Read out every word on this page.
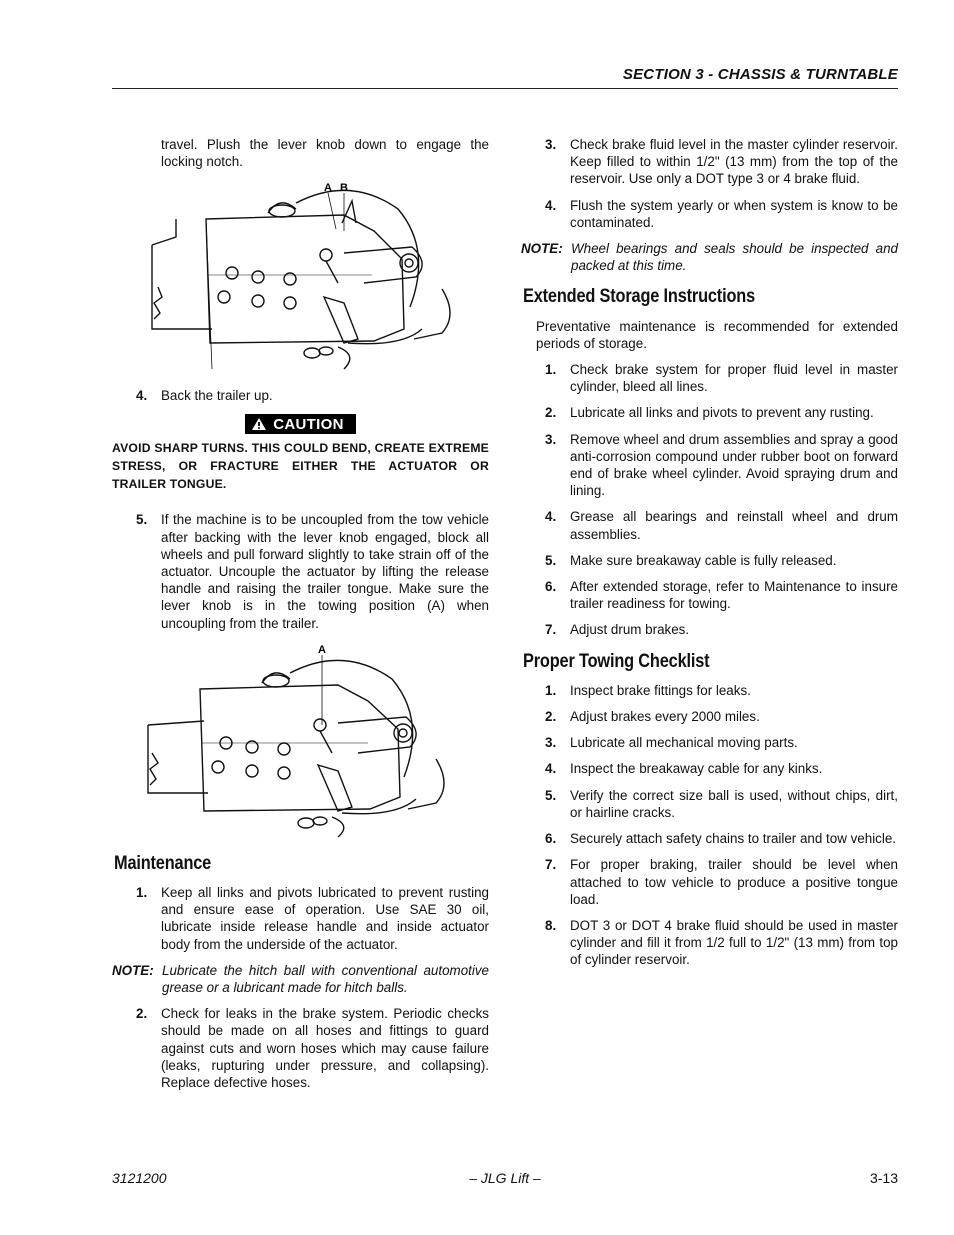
SECTION 3 - CHASSIS & TURNTABLE

travel. Plush the lever knob down to engage the locking notch.

A B
4.	Back the trailer up.
CAUTION

AVOID SHARP TURNS. THIS COULD BEND, CREATE EXTREME STRESS, OR FRACTURE EITHER THE ACTUATOR OR TRAILER TONGUE.

5.	If the machine is to be uncoupled from the tow vehicle after backing with the lever knob engaged, block all wheels and pull forward slightly to take strain off of the actuator. Uncouple the actuator by lifting the release handle and raising the trailer tongue. Make sure the lever knob is in the towing position (A) when uncoupling from the trailer.
A
Maintenance
1.	Keep all links and pivots lubricated to prevent rusting and ensure ease of operation. Use SAE 30 oil, lubricate inside release handle and inside actuator body from the underside of the actuator.
NOTE: Lubricate the hitch ball with conventional automotive grease or a lubricant made for hitch balls.
2.	Check for leaks in the brake system. Periodic checks should be made on all hoses and fittings to guard against cuts and worn hoses which may cause failure (leaks, rupturing under pressure, and collapsing). Replace defective hoses.
3.	Check brake fluid level in the master cylinder reservoir. Keep filled to within 1/2" (13 mm) from the top of the reservoir. Use only a DOT type 3 or 4 brake fluid.
4.	Flush the system yearly or when system is know to be contaminated.
NOTE: Wheel bearings and seals should be inspected and packed at this time.
Extended Storage Instructions

Preventative maintenance is recommended for extended periods of storage.

1.	Check brake system for proper fluid level in master cylinder, bleed all lines.
2.	Lubricate all links and pivots to prevent any rusting.
3.	Remove wheel and drum assemblies and spray a good anti-corrosion compound under rubber boot on forward end of brake wheel cylinder. Avoid spraying drum and lining.
4.	Grease all bearings and reinstall wheel and drum assemblies.
5.	Make sure breakaway cable is fully released.
6.	After extended storage, refer to Maintenance to insure trailer readiness for towing.
7.	Adjust drum brakes.
Proper Towing Checklist
1.	Inspect brake fittings for leaks.
2.	Adjust brakes every 2000 miles.
3.	Lubricate all mechanical moving parts.
4.	Inspect the breakaway cable for any kinks.
5.	Verify the correct size ball is used, without chips, dirt, or hairline cracks.
6.	Securely attach safety chains to trailer and tow vehicle.
7.	For proper braking, trailer should be level when attached to tow vehicle to produce a positive tongue load.
8.	DOT 3 or DOT 4 brake fluid should be used in master cylinder and fill it from 1/2 full to 1/2" (13 mm) from top of cylinder reservoir.
3121200	– JLG Lift –	3-13
